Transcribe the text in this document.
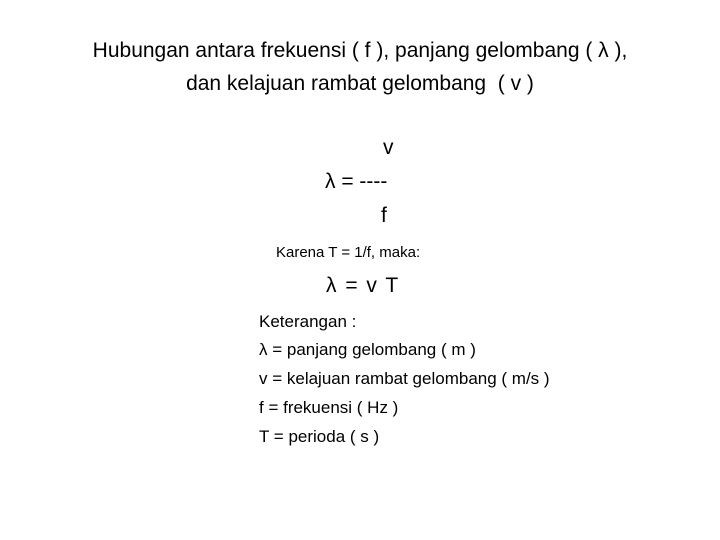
Hubungan antara frekuensi ( f ), panjang gelombang ( λ ),
dan kelajuan rambat gelombang  ( v )
v
λ = ----
f
Karena T = 1/f, maka:
λ = v T
Keterangan :
λ = panjang gelombang ( m )
v = kelajuan rambat gelombang ( m/s )
f = frekuensi ( Hz )
T = perioda ( s )
